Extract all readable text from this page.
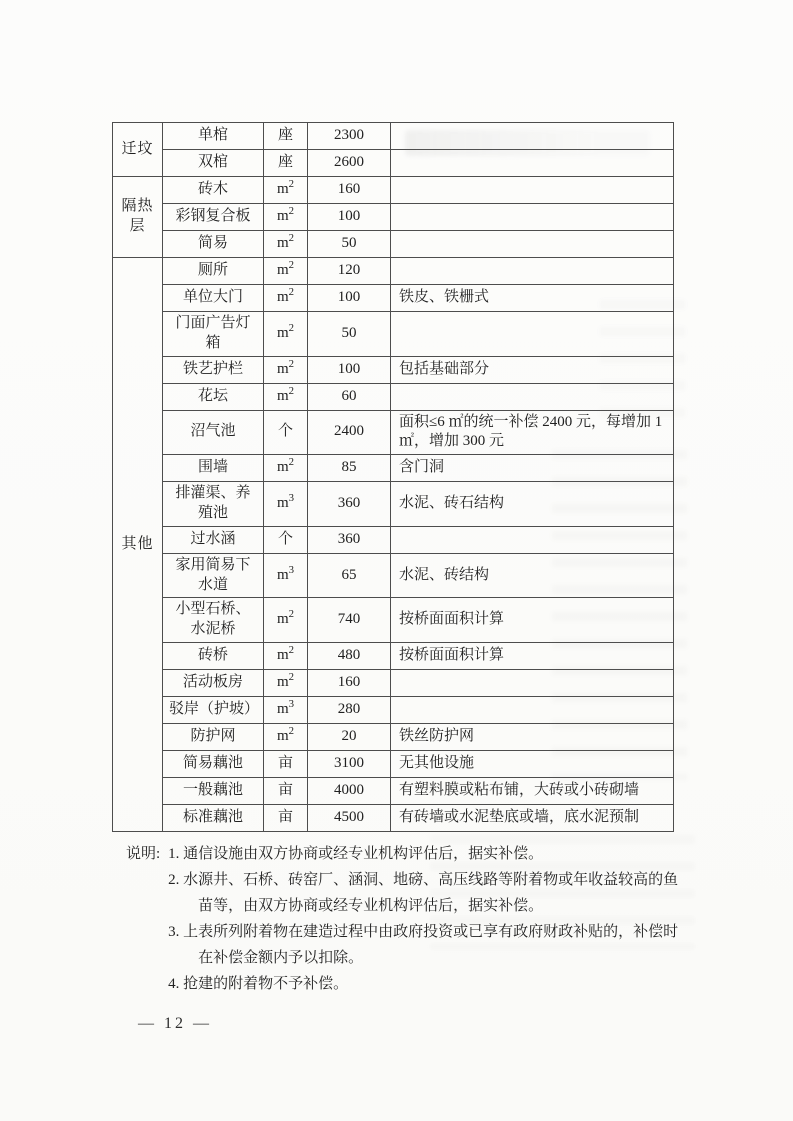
迁坟	单棺	座	2300	
	双棺	座	2600	
隔热层	砖木	$m^2$	160	
	彩钢复合板	$m^2$	100	
	简易	$m^2$	50	
其他	厕所	$m^2$	120	
	单位大门	$m^2$	100	铁皮、铁栅式
	门面广告灯箱	$m^2$	50	
	铁艺护栏	$m^2$	100	包括基础部分
	花坛	$m^2$	60	
	沼气池	个	2400	面积≤6 ㎡的统一补偿 2400 元，每增加 1 ㎡，增加 300 元
	围墙	$m^2$	85	含门洞
	排灌渠、养殖池	$m^3$	360	水泥、砖石结构
	过水涵	个	360	
	家用简易下水道	$m^3$	65	水泥、砖结构
	小型石桥、水泥桥	$m^2$	740	按桥面面积计算
	砖桥	$m^2$	480	按桥面面积计算
	活动板房	$m^2$	160	
	驳岸（护坡）	$m^3$	280	
	防护网	$m^2$	20	铁丝防护网
	简易藕池	亩	3100	无其他设施
	一般藕池	亩	4000	有塑料膜或粘布铺，大砖或小砖砌墙
	标准藕池	亩	4500	有砖墙或水泥垫底或墙，底水泥预制
说明: 1. 通信设施由双方协商或经专业机构评估后，据实补偿。
2. 水源井、石桥、砖窑厂、涵洞、地磅、高压线路等附着物或年收益较高的鱼苗等，由双方协商或经专业机构评估后，据实补偿。
3. 上表所列附着物在建造过程中由政府投资或已享有政府财政补贴的，补偿时在补偿金额内予以扣除。
4. 抢建的附着物不予补偿。
— 12 —
